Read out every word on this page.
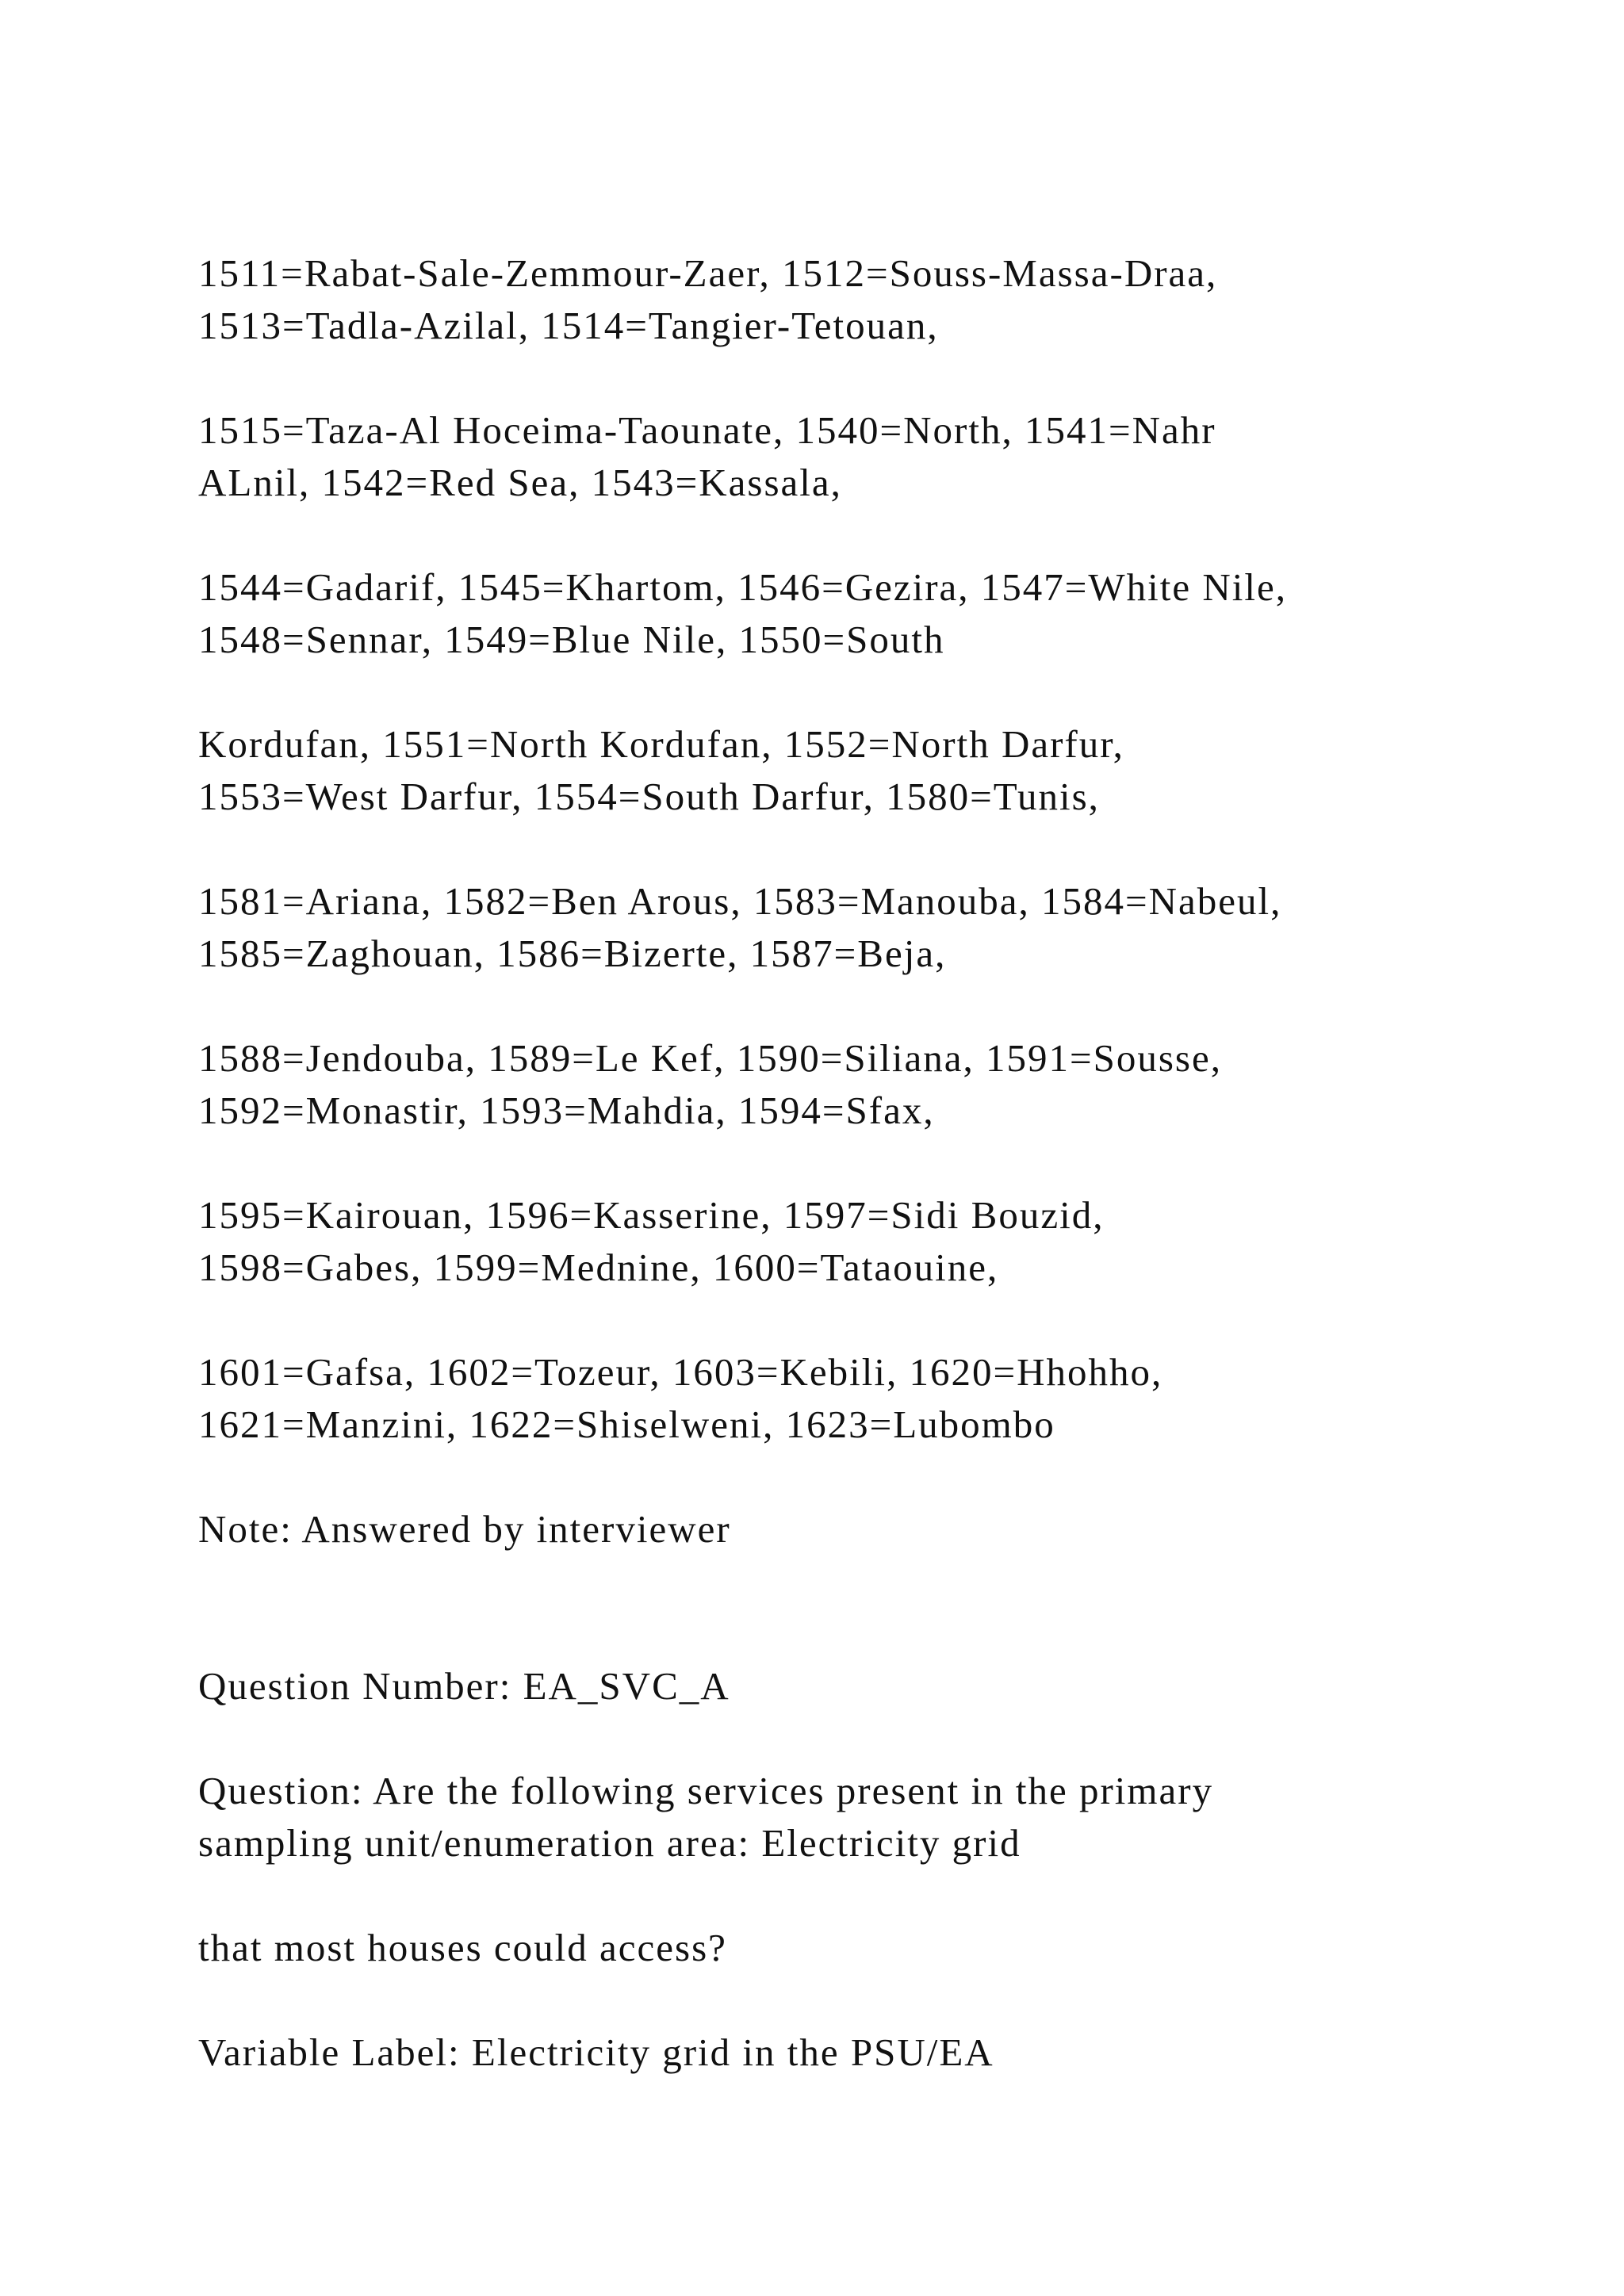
1511=Rabat-Sale-Zemmour-Zaer, 1512=Souss-Massa-Draa,
1513=Tadla-Azilal, 1514=Tangier-Tetouan,

1515=Taza-Al Hoceima-Taounate, 1540=North, 1541=Nahr
ALnil, 1542=Red Sea, 1543=Kassala,

1544=Gadarif, 1545=Khartom, 1546=Gezira, 1547=White Nile,
1548=Sennar, 1549=Blue Nile, 1550=South

Kordufan, 1551=North Kordufan, 1552=North Darfur,
1553=West Darfur, 1554=South Darfur, 1580=Tunis,

1581=Ariana, 1582=Ben Arous, 1583=Manouba, 1584=Nabeul,
1585=Zaghouan, 1586=Bizerte, 1587=Beja,

1588=Jendouba, 1589=Le Kef, 1590=Siliana, 1591=Sousse,
1592=Monastir, 1593=Mahdia, 1594=Sfax,

1595=Kairouan, 1596=Kasserine, 1597=Sidi Bouzid,
1598=Gabes, 1599=Mednine, 1600=Tataouine,

1601=Gafsa, 1602=Tozeur, 1603=Kebili, 1620=Hhohho,
1621=Manzini, 1622=Shiselweni, 1623=Lubombo

Note: Answered by interviewer

Question Number: EA_SVC_A

Question: Are the following services present in the primary
sampling unit/enumeration area: Electricity grid

that most houses could access?

Variable Label: Electricity grid in the PSU/EA
